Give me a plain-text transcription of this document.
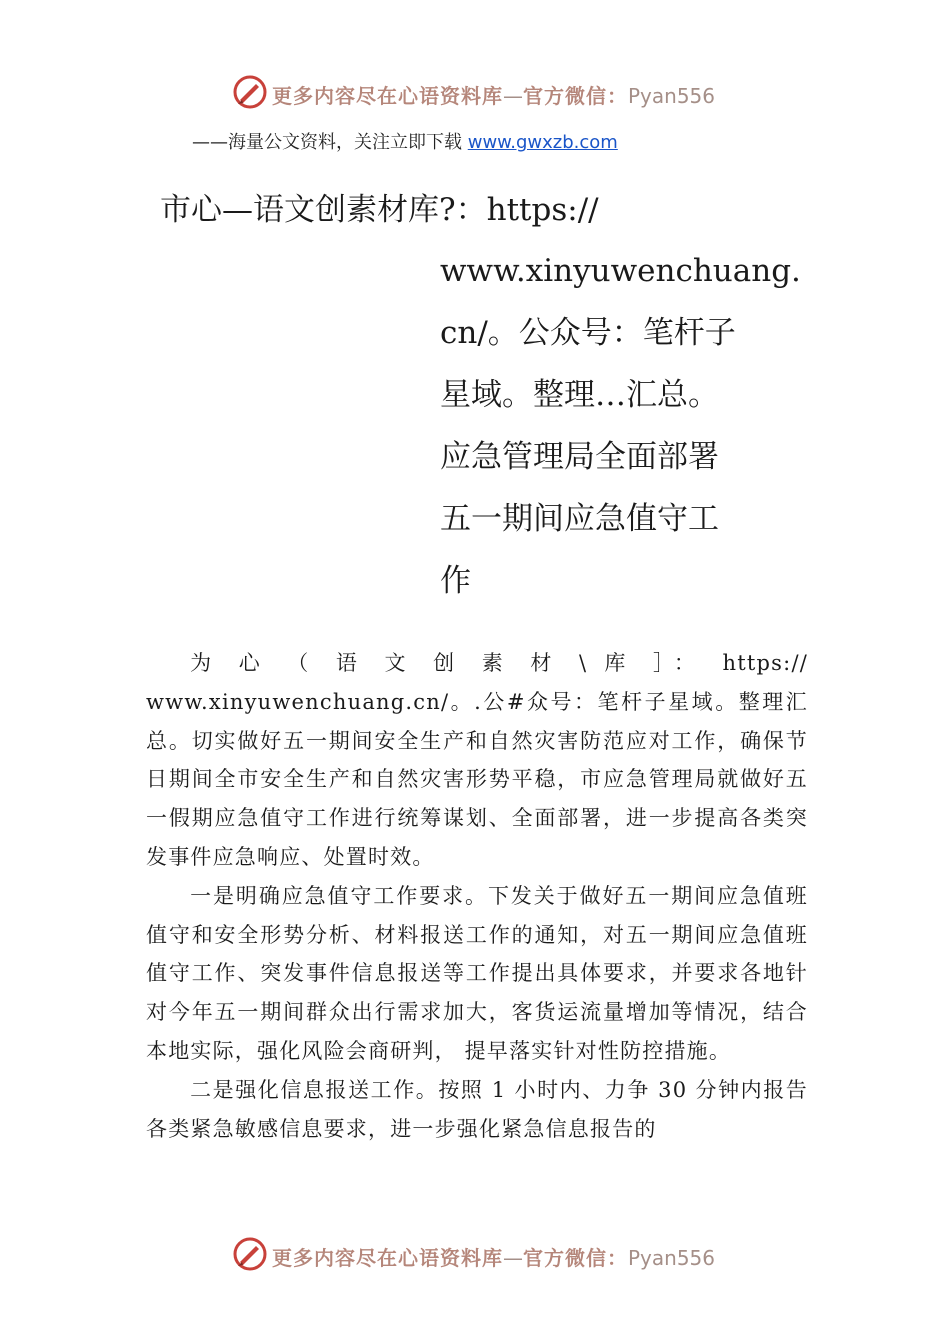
更多内容尽在心语资料库—官方微信：Pyan556
——海量公文资料，关注立即下载 www.gwxzb.com
市心—语文创素材库?：https://
www.xinyuwenchuang.
cn/。公众号：笔杆子
星域。整理…汇总。
应急管理局全面部署
五一期间应急值守工
作

为 心 （ 语 文 创 素 材 \ 库 ］： https:// www.xinyuwenchuang.cn/。.公#众号：笔杆子星域。整理汇总。切实做好五一期间安全生产和自然灾害防范应对工作，确保节日期间全市安全生产和自然灾害形势平稳，市应急管理局就做好五一假期应急值守工作进行统筹谋划、全面部署，进一步提高各类突发事件应急响应、处置时效。

一是明确应急值守工作要求。下发关于做好五一期间应急值班值守和安全形势分析、材料报送工作的通知，对五一期间应急值班值守工作、突发事件信息报送等工作提出具体要求，并要求各地针对今年五一期间群众出行需求加大，客货运流量增加等情况，结合本地实际，强化风险会商研判， 提早落实针对性防控措施。

二是强化信息报送工作。按照 1 小时内、力争 30 分钟内报告各类紧急敏感信息要求，进一步强化紧急信息报告的

更多内容尽在心语资料库—官方微信：Pyan556
